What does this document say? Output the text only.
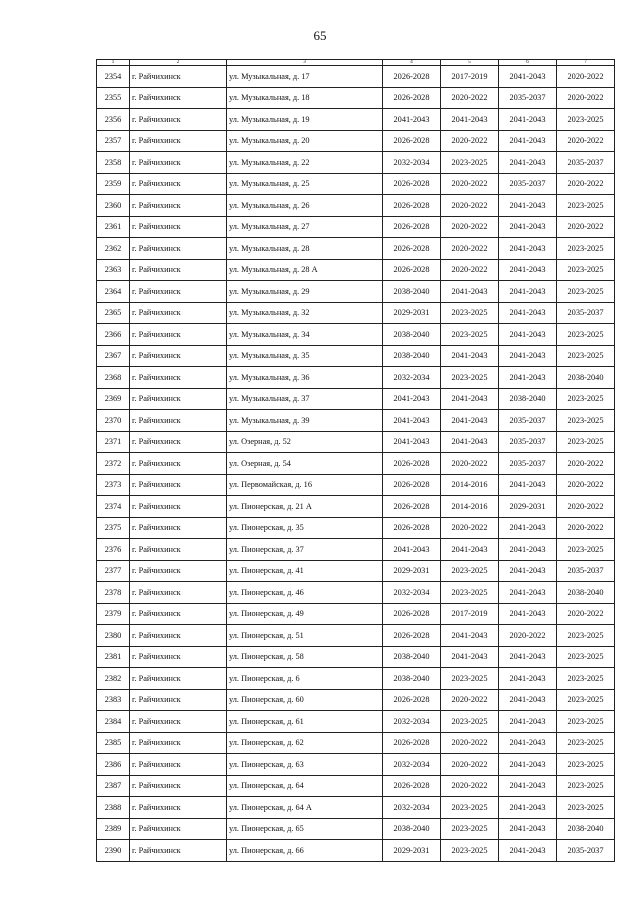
65
1	2	3	4	5	6	7
2354	г. Райчихинск	ул. Музыкальная, д. 17	2026-2028	2017-2019	2041-2043	2020-2022
2355	г. Райчихинск	ул. Музыкальная, д. 18	2026-2028	2020-2022	2035-2037	2020-2022
2356	г. Райчихинск	ул. Музыкальная, д. 19	2041-2043	2041-2043	2041-2043	2023-2025
2357	г. Райчихинск	ул. Музыкальная, д. 20	2026-2028	2020-2022	2041-2043	2020-2022
2358	г. Райчихинск	ул. Музыкальная, д. 22	2032-2034	2023-2025	2041-2043	2035-2037
2359	г. Райчихинск	ул. Музыкальная, д. 25	2026-2028	2020-2022	2035-2037	2020-2022
2360	г. Райчихинск	ул. Музыкальная, д. 26	2026-2028	2020-2022	2041-2043	2023-2025
2361	г. Райчихинск	ул. Музыкальная, д. 27	2026-2028	2020-2022	2041-2043	2020-2022
2362	г. Райчихинск	ул. Музыкальная, д. 28	2026-2028	2020-2022	2041-2043	2023-2025
2363	г. Райчихинск	ул. Музыкальная, д. 28 А	2026-2028	2020-2022	2041-2043	2023-2025
2364	г. Райчихинск	ул. Музыкальная, д. 29	2038-2040	2041-2043	2041-2043	2023-2025
2365	г. Райчихинск	ул. Музыкальная, д. 32	2029-2031	2023-2025	2041-2043	2035-2037
2366	г. Райчихинск	ул. Музыкальная, д. 34	2038-2040	2023-2025	2041-2043	2023-2025
2367	г. Райчихинск	ул. Музыкальная, д. 35	2038-2040	2041-2043	2041-2043	2023-2025
2368	г. Райчихинск	ул. Музыкальная, д. 36	2032-2034	2023-2025	2041-2043	2038-2040
2369	г. Райчихинск	ул. Музыкальная, д. 37	2041-2043	2041-2043	2038-2040	2023-2025
2370	г. Райчихинск	ул. Музыкальная, д. 39	2041-2043	2041-2043	2035-2037	2023-2025
2371	г. Райчихинск	ул. Озерная, д. 52	2041-2043	2041-2043	2035-2037	2023-2025
2372	г. Райчихинск	ул. Озерная, д. 54	2026-2028	2020-2022	2035-2037	2020-2022
2373	г. Райчихинск	ул. Первомайская, д. 16	2026-2028	2014-2016	2041-2043	2020-2022
2374	г. Райчихинск	ул. Пионерская, д. 21 А	2026-2028	2014-2016	2029-2031	2020-2022
2375	г. Райчихинск	ул. Пионерская, д. 35	2026-2028	2020-2022	2041-2043	2020-2022
2376	г. Райчихинск	ул. Пионерская, д. 37	2041-2043	2041-2043	2041-2043	2023-2025
2377	г. Райчихинск	ул. Пионерская, д. 41	2029-2031	2023-2025	2041-2043	2035-2037
2378	г. Райчихинск	ул. Пионерская, д. 46	2032-2034	2023-2025	2041-2043	2038-2040
2379	г. Райчихинск	ул. Пионерская, д. 49	2026-2028	2017-2019	2041-2043	2020-2022
2380	г. Райчихинск	ул. Пионерская, д. 51	2026-2028	2041-2043	2020-2022	2023-2025
2381	г. Райчихинск	ул. Пионерская, д. 58	2038-2040	2041-2043	2041-2043	2023-2025
2382	г. Райчихинск	ул. Пионерская, д. 6	2038-2040	2023-2025	2041-2043	2023-2025
2383	г. Райчихинск	ул. Пионерская, д. 60	2026-2028	2020-2022	2041-2043	2023-2025
2384	г. Райчихинск	ул. Пионерская, д. 61	2032-2034	2023-2025	2041-2043	2023-2025
2385	г. Райчихинск	ул. Пионерская, д. 62	2026-2028	2020-2022	2041-2043	2023-2025
2386	г. Райчихинск	ул. Пионерская, д. 63	2032-2034	2020-2022	2041-2043	2023-2025
2387	г. Райчихинск	ул. Пионерская, д. 64	2026-2028	2020-2022	2041-2043	2023-2025
2388	г. Райчихинск	ул. Пионерская, д. 64 А	2032-2034	2023-2025	2041-2043	2023-2025
2389	г. Райчихинск	ул. Пионерская, д. 65	2038-2040	2023-2025	2041-2043	2038-2040
2390	г. Райчихинск	ул. Пионерская, д. 66	2029-2031	2023-2025	2041-2043	2035-2037
